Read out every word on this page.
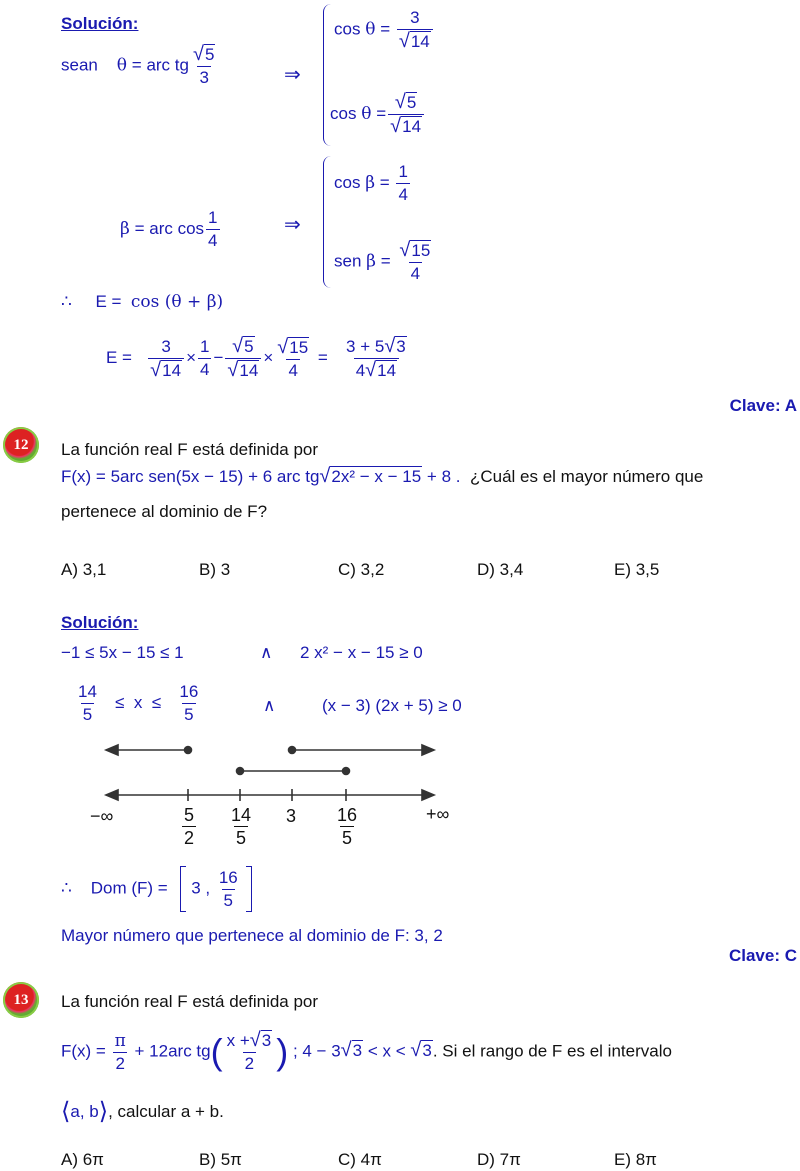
Solución:
sean θ = arc tg $\frac{√ 5}{3}$	⇒
$\cos \theta = \frac{3}{√ 14}$
$\cos \theta = \frac{√ 5}{√ 14}$
β = arc $\cos \frac{1}{4}$	⇒
$\cos \beta = \frac{1}{4}$
sen $\beta = \frac{√ 15}{4}$
∴ E = cos (θ + β)
$E = \frac{3}{√ 14} \times \frac{1}{4} - \frac{√ 5}{√ 14} \times \frac{√ 15}{4} = \frac{3 + 5 √ 3}{4 √ 14}$
Clave: A
12	La función real F está definida por
F(x) = 5arc sen(5x − 15) + 6 arc tg √ 2x² − x − 15 + 8 . ¿Cuál es el mayor número que
pertenece al dominio de F?
A) 3,1	B) 3	C) 3,2	D) 3,4	E) 3,5
Solución:
−1 ≤ 5x − 15 ≤ 1	∧ 2 x² − x − 15 ≥ 0
$\frac{14}{5} \le x \le \frac{16}{5}$	∧	(x − 3) (2x + 5) ≥ 0
−∞	+∞
$\frac{5}{2} \frac{14}{5} 3 \frac{16}{5}$
∴ Dom (F) = 3 , $\frac{16}{5}$

Mayor número que pertenece al dominio de F: 3, 2
Clave: C
13	La función real F está definida por
$F(x) = \frac{\pi}{2} + 12arc$ $tg( \frac{x + √ 3}{2}$ ) ; 4 − 3 √ 3 < x < √ 3 . Si el rango de F es el intervalo
⟨a, b⟩, calcular a + b.
A) 6π	B) 5π	C) 4π	D) 7π	E) 8π
